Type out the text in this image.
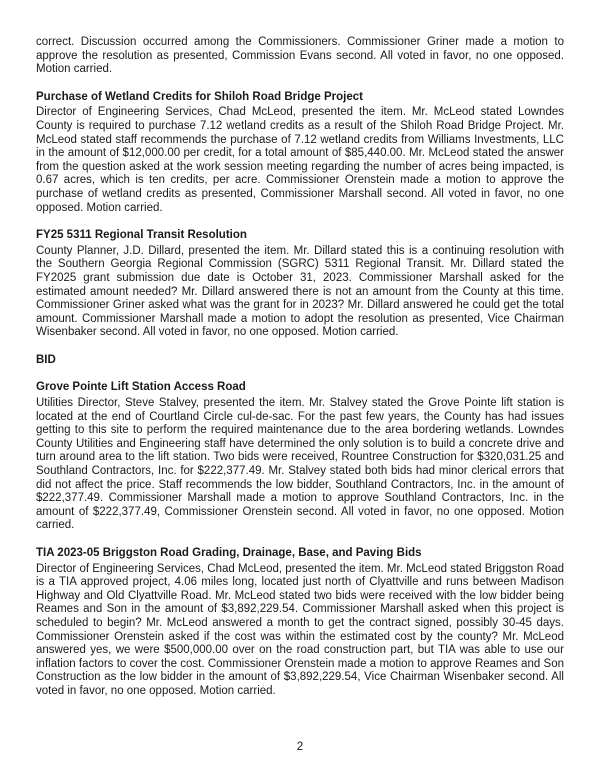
correct. Discussion occurred among the Commissioners. Commissioner Griner made a motion to approve the resolution as presented, Commission Evans second. All voted in favor, no one opposed. Motion carried.

Purchase of Wetland Credits for Shiloh Road Bridge Project

Director of Engineering Services, Chad McLeod, presented the item. Mr. McLeod stated Lowndes County is required to purchase 7.12 wetland credits as a result of the Shiloh Road Bridge Project. Mr. McLeod stated staff recommends the purchase of 7.12 wetland credits from Williams Investments, LLC in the amount of $12,000.00 per credit, for a total amount of $85,440.00. Mr. McLeod stated the answer from the question asked at the work session meeting regarding the number of acres being impacted, is 0.67 acres, which is ten credits, per acre. Commissioner Orenstein made a motion to approve the purchase of wetland credits as presented, Commissioner Marshall second. All voted in favor, no one opposed. Motion carried.

FY25 5311 Regional Transit Resolution

County Planner, J.D. Dillard, presented the item. Mr. Dillard stated this is a continuing resolution with the Southern Georgia Regional Commission (SGRC) 5311 Regional Transit. Mr. Dillard stated the FY2025 grant submission due date is October 31, 2023. Commissioner Marshall asked for the estimated amount needed? Mr. Dillard answered there is not an amount from the County at this time. Commissioner Griner asked what was the grant for in 2023? Mr. Dillard answered he could get the total amount. Commissioner Marshall made a motion to adopt the resolution as presented, Vice Chairman Wisenbaker second. All voted in favor, no one opposed. Motion carried.

BID
Grove Pointe Lift Station Access Road

Utilities Director, Steve Stalvey, presented the item. Mr. Stalvey stated the Grove Pointe lift station is located at the end of Courtland Circle cul-de-sac. For the past few years, the County has had issues getting to this site to perform the required maintenance due to the area bordering wetlands. Lowndes County Utilities and Engineering staff have determined the only solution is to build a concrete drive and turn around area to the lift station. Two bids were received, Rountree Construction for $320,031.25 and Southland Contractors, Inc. for $222,377.49. Mr. Stalvey stated both bids had minor clerical errors that did not affect the price. Staff recommends the low bidder, Southland Contractors, Inc. in the amount of $222,377.49. Commissioner Marshall made a motion to approve Southland Contractors, Inc. in the amount of $222,377.49, Commissioner Orenstein second. All voted in favor, no one opposed. Motion carried.

TIA 2023-05 Briggston Road Grading, Drainage, Base, and Paving Bids

Director of Engineering Services, Chad McLeod, presented the item. Mr. McLeod stated Briggston Road is a TIA approved project, 4.06 miles long, located just north of Clyattville and runs between Madison Highway and Old Clyattville Road. Mr. McLeod stated two bids were received with the low bidder being Reames and Son in the amount of $3,892,229.54. Commissioner Marshall asked when this project is scheduled to begin? Mr. McLeod answered a month to get the contract signed, possibly 30-45 days. Commissioner Orenstein asked if the cost was within the estimated cost by the county? Mr. McLeod answered yes, we were $500,000.00 over on the road construction part, but TIA was able to use our inflation factors to cover the cost. Commissioner Orenstein made a motion to approve Reames and Son Construction as the low bidder in the amount of $3,892,229.54, Vice Chairman Wisenbaker second. All voted in favor, no one opposed. Motion carried.

2
